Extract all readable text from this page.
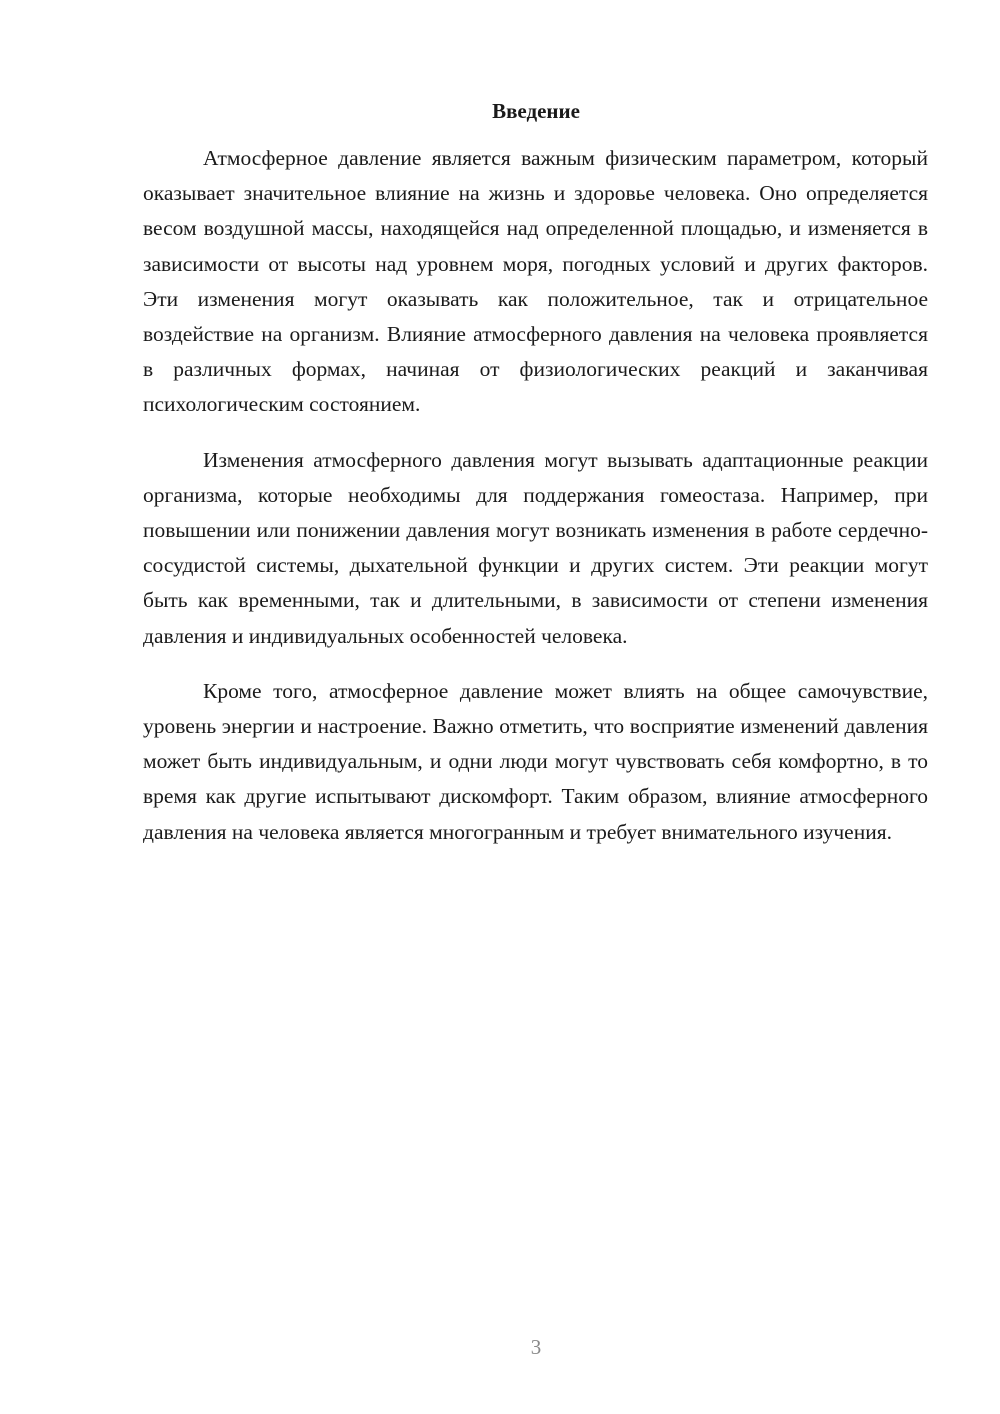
Введение

Атмосферное давление является важным физическим параметром, который оказывает значительное влияние на жизнь и здоровье человека. Оно определяется весом воздушной массы, находящейся над определенной площадью, и изменяется в зависимости от высоты над уровнем моря, погодных условий и других факторов. Эти изменения могут оказывать как положительное, так и отрицательное воздействие на организм. Влияние атмосферного давления на человека проявляется в различных формах, начиная от физиологических реакций и заканчивая психологическим состоянием.

Изменения атмосферного давления могут вызывать адаптационные реакции организма, которые необходимы для поддержания гомеостаза. Например, при повышении или понижении давления могут возникать изменения в работе сердечно-сосудистой системы, дыхательной функции и других систем. Эти реакции могут быть как временными, так и длительными, в зависимости от степени изменения давления и индивидуальных особенностей человека.

Кроме того, атмосферное давление может влиять на общее самочувствие, уровень энергии и настроение. Важно отметить, что восприятие изменений давления может быть индивидуальным, и одни люди могут чувствовать себя комфортно, в то время как другие испытывают дискомфорт. Таким образом, влияние атмосферного давления на человека является многогранным и требует внимательного изучения.

3
